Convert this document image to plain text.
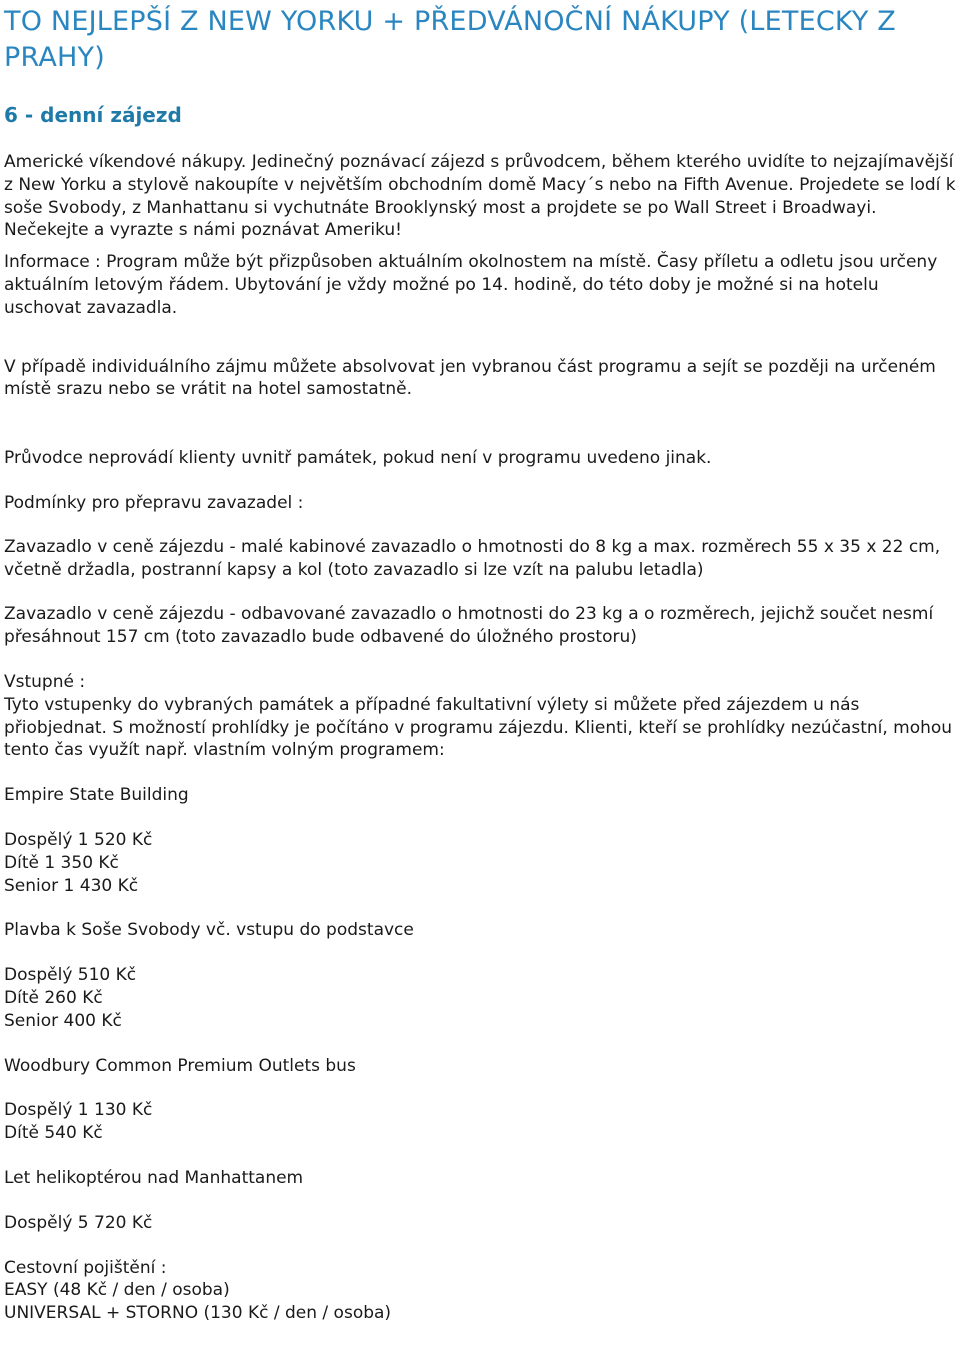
TO NEJLEPŠÍ Z NEW YORKU + PŘEDVÁNOČNÍ NÁKUPY (LETECKY Z PRAHY)
6 - denní zájezd

Americké víkendové nákupy. Jedinečný poznávací zájezd s průvodcem, během kterého uvidíte to nejzajímavější z New Yorku a stylově nakoupíte v největším obchodním domě Macy´s nebo na Fifth Avenue. Projedete se lodí k soše Svobody, z Manhattanu si vychutnáte Brooklynský most a projdete se po Wall Street i Broadwayi. Nečekejte a vyrazte s námi poznávat Ameriku!

Informace : Program může být přizpůsoben aktuálním okolnostem na místě. Časy příletu a odletu jsou určeny aktuálním letovým řádem. Ubytování je vždy možné po 14. hodině, do této doby je možné si na hotelu uschovat zavazadla.

V případě individuálního zájmu můžete absolvovat jen vybranou část programu a sejít se později na určeném místě srazu nebo se vrátit na hotel samostatně.

Průvodce neprovádí klienty uvnitř památek, pokud není v programu uvedeno jinak.

Podmínky pro přepravu zavazadel :

Zavazadlo v ceně zájezdu - malé kabinové zavazadlo o hmotnosti do 8 kg a max. rozměrech 55 x 35 x 22 cm, včetně držadla, postranní kapsy a kol (toto zavazadlo si lze vzít na palubu letadla)

Zavazadlo v ceně zájezdu - odbavované zavazadlo o hmotnosti do 23 kg a o rozměrech, jejichž součet nesmí přesáhnout 157 cm (toto zavazadlo bude odbavené do úložného prostoru)

Vstupné :
Tyto vstupenky do vybraných památek a případné fakultativní výlety si můžete před zájezdem u nás přiobjednat. S možností prohlídky je počítáno v programu zájezdu. Klienti, kteří se prohlídky nezúčastní, mohou tento čas využít např. vlastním volným programem:
Empire State Building
Dospělý 1 520 Kč
Dítě 1 350 Kč
Senior 1 430 Kč
Plavba k Soše Svobody vč. vstupu do podstavce
Dospělý 510 Kč
Dítě 260 Kč
Senior 400 Kč
Woodbury Common Premium Outlets bus
Dospělý 1 130 Kč
Dítě 540 Kč
Let helikoptérou nad Manhattanem
Dospělý 5 720 Kč
Cestovní pojištění :
EASY (48 Kč / den / osoba)
UNIVERSAL + STORNO (130 Kč / den / osoba)
